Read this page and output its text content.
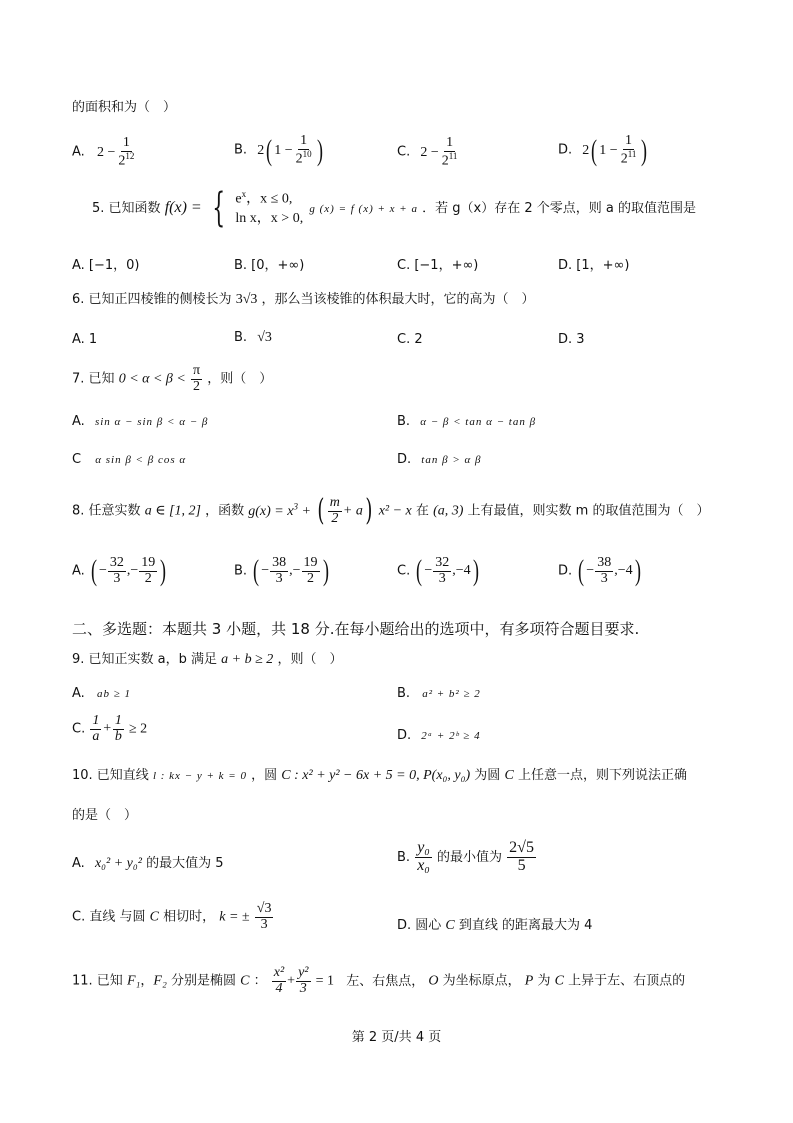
的面积和为（　）
A. $2 - \frac{1}{2^{12}}$	B. 2( $1 - \frac{1}{2^{10}}$ )	C. $2 - \frac{1}{2^{11}}$	D. 2( $1 - \frac{1}{2^{11}}$ )
5. 已知函数 f(x) = { $e^x$，x ≤ 0,
ln x，x > 0,
g (x) = f (x) + x + a ．若 g（x）存在 2 个零点，则 a 的取值范围是
A. [−1，0)	B. [0，+∞)	C. [−1，+∞)	D. [1，+∞)
6. 已知正四棱锥的侧棱长为 3√3 ，那么当该棱锥的体积最大时，它的高为（　）
A. 1	B. √3	C. 2	D. 3
7. 已知 $0 < \alpha < \beta < \frac{\pi}{2}$ ，则（　）
A. sin α − sin β < α − β	B. α − β < tan α − tan β
C α sin β < β cos α	D. tan β > α β
8. 任意实数 a ∈ [1, 2] ，函数 $g(x) = x^3$ + ( $\frac{m}{2} + a$) x² − x 在 (a, 3) 上有最值，则实数 m 的取值范围为（　）
A. ( − $\frac{32}{3}$ ,− $\frac{19}{2}$ )	B. ( − $\frac{38}{3}$ ,− $\frac{19}{2}$ )	C. ( − $\frac{32}{3} ,-4$)	D. ( − $\frac{38}{3} ,-4$)
二、多选题：本题共 3 小题，共 18 分.在每小题给出的选项中，有多项符合题目要求.
9. 已知正实数 a，b 满足 a + b ≥ 2 ，则（　）
A. ab ≥ 1	B. a² + b² ≥ 2
C. $\frac{1}{a} + \frac{1}{b} \ge 2$	D. 2ᵃ + 2ᵇ ≥ 4
10. 已知直线 l : kx − y + k = 0 ，圆 C : x² + y² − 6x + 5 = 0, P(x₀, y₀) 为圆 C 上任意一点，则下列说法正确
的是（　）
A. x₀² + y₀² 的最大值为 5	B. $\frac{\text{y₀}}{\text{x₀}}$ 的最小值为 $\frac{2√5}{5}$
C. 直线 与圆 C 相切时， k = ± $\frac{√3}{3}$	D. 圆心 C 到直线 的距离最大为 4
11. 已知 F₁，F₂ 分别是椭圆 C ： $\frac{\text{x²}}{4} + \frac{\text{y²}}{3} = 1$ 左、右焦点， O 为坐标原点， P 为 C 上异于左、右顶点的
第 2 页/共 4 页
